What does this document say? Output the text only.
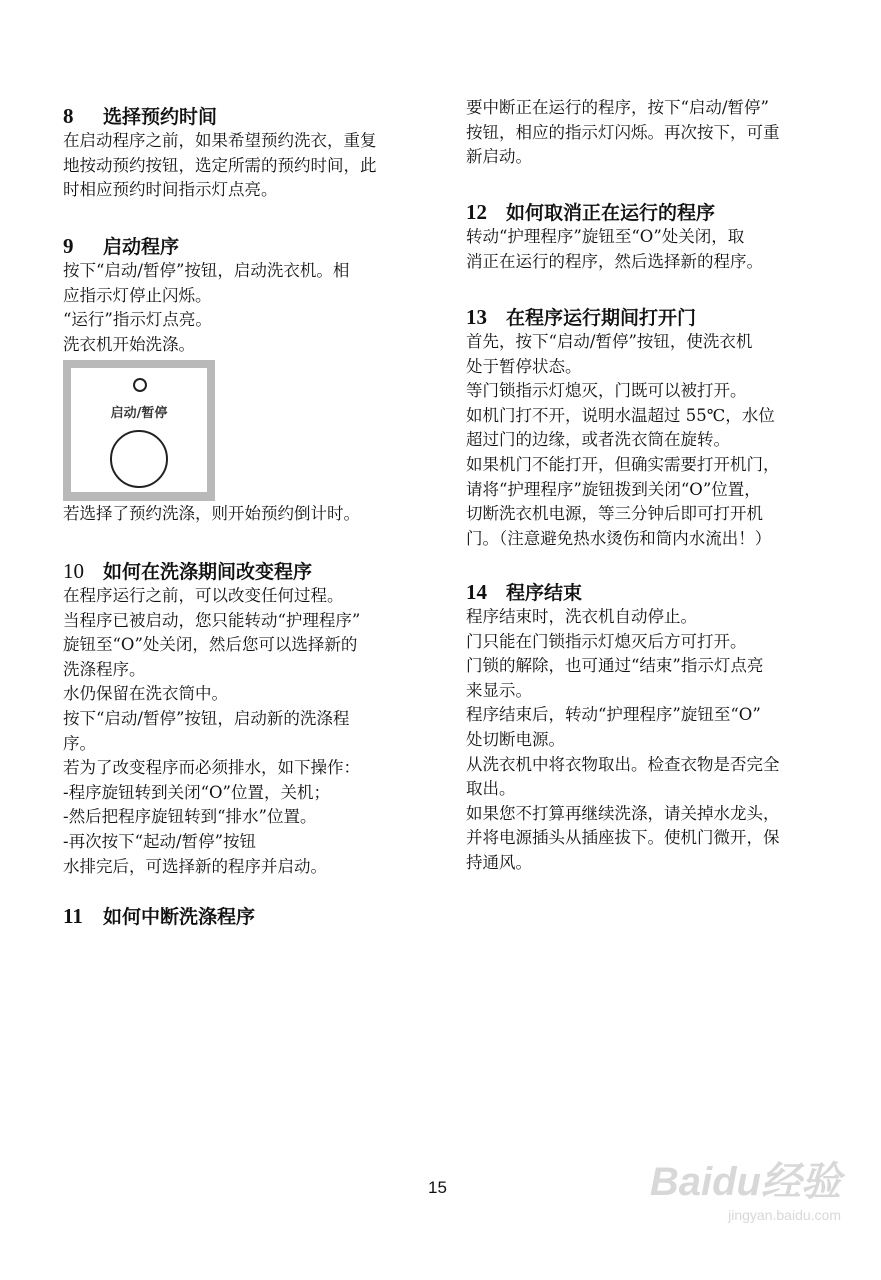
8 选择预约时间
在启动程序之前，如果希望预约洗衣，重复
地按动预约按钮，选定所需的预约时间，此
时相应预约时间指示灯点亮。
9 启动程序
按下“启动/暂停”按钮，启动洗衣机。相
应指示灯停止闪烁。
“运行”指示灯点亮。
洗衣机开始洗涤。
若选择了预约洗涤，则开始预约倒计时。
10 如何在洗涤期间改变程序
在程序运行之前，可以改变任何过程。
当程序已被启动，您只能转动“护理程序”
旋钮至“O”处关闭，然后您可以选择新的
洗涤程序。
水仍保留在洗衣筒中。
按下“启动/暂停”按钮，启动新的洗涤程
序。
若为了改变程序而必须排水，如下操作：
-程序旋钮转到关闭“O”位置，关机；
-然后把程序旋钮转到“排水”位置。
-再次按下“起动/暂停”按钮
水排完后，可选择新的程序并启动。
11 如何中断洗涤程序
要中断正在运行的程序，按下“启动/暂停”
按钮，相应的指示灯闪烁。再次按下，可重
新启动。
12 如何取消正在运行的程序
转动“护理程序”旋钮至“O”处关闭，取
消正在运行的程序，然后选择新的程序。
13 在程序运行期间打开门
首先，按下“启动/暂停”按钮，使洗衣机
处于暂停状态。
等门锁指示灯熄灭，门既可以被打开。
如机门打不开，说明水温超过 55℃，水位
超过门的边缘，或者洗衣筒在旋转。
如果机门不能打开，但确实需要打开机门，
请将“护理程序”旋钮拨到关闭“O”位置，
切断洗衣机电源，等三分钟后即可打开机
门。（注意避免热水烫伤和筒内水流出！）
14 程序结束
程序结束时，洗衣机自动停止。
门只能在门锁指示灯熄灭后方可打开。
门锁的解除，也可通过“结束”指示灯点亮
来显示。
程序结束后，转动“护理程序”旋钮至“O”
处切断电源。
从洗衣机中将衣物取出。检查衣物是否完全
取出。
如果您不打算再继续洗涤，请关掉水龙头，
并将电源插头从插座拔下。使机门微开，保
持通风。
启动/暂停
15	Baidu经验
jingyan.baidu.com
